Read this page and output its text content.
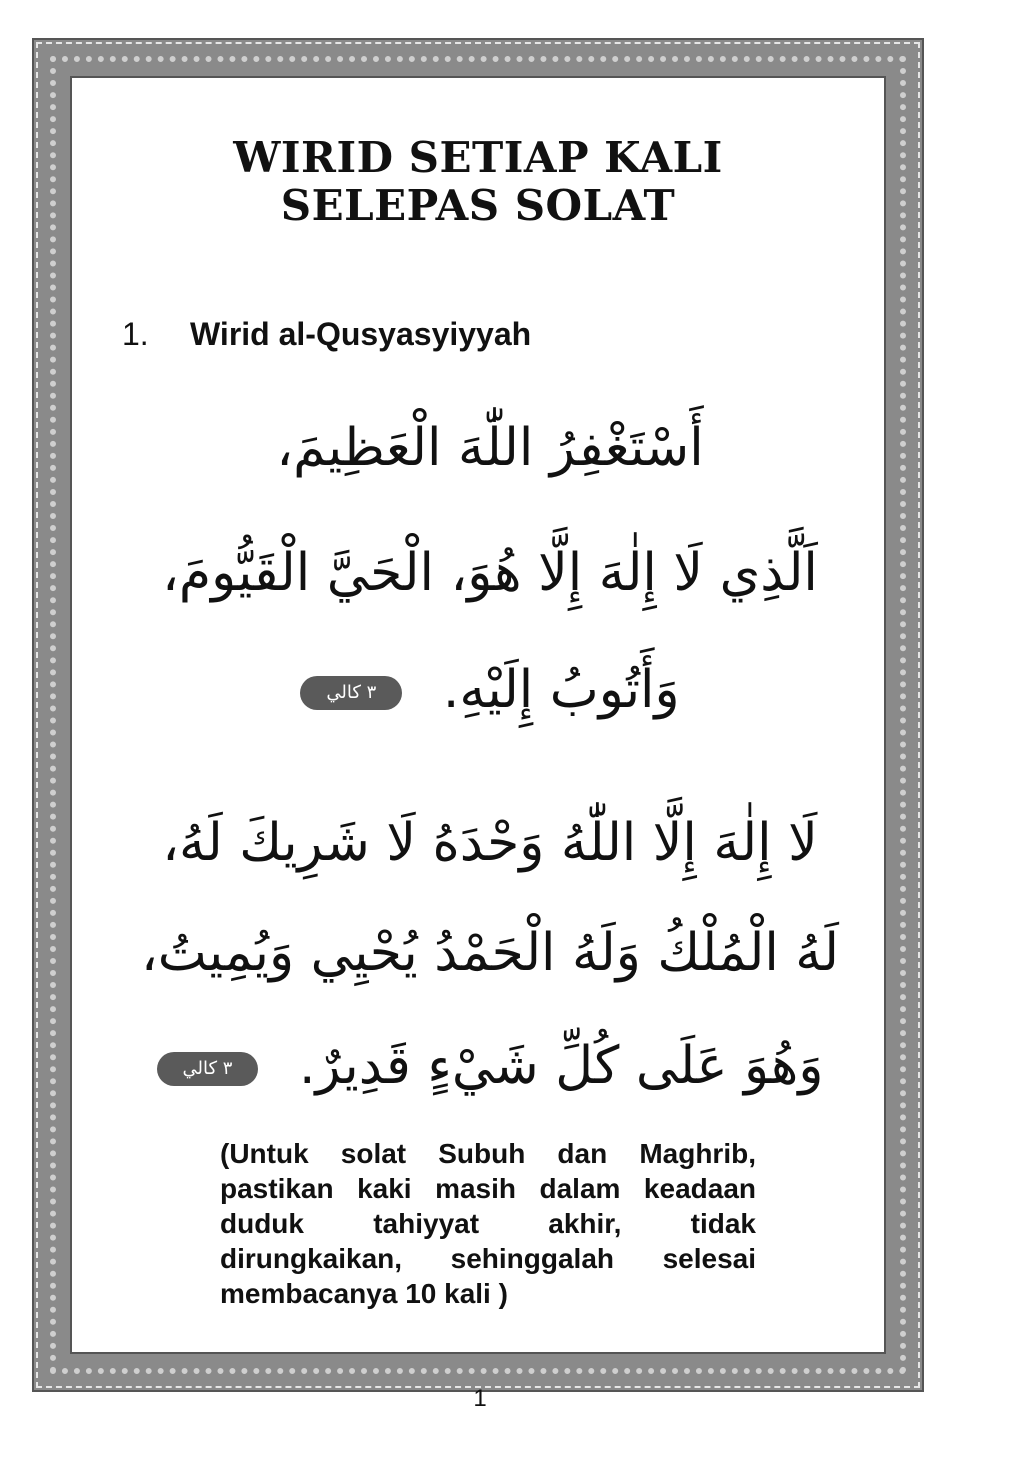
WIRID SETIAP KALI
SELEPAS SOLAT
1. Wirid al-Qusyasyiyyah
أَسْتَغْفِرُ اللّٰهَ الْعَظِيمَ،
اَلَّذِي لَا إِلٰهَ إِلَّا هُوَ، الْحَيَّ الْقَيُّومَ،
وَأَتُوبُ إِلَيْهِ. ٣ كالي
لَا إِلٰهَ إِلَّا اللّٰهُ وَحْدَهُ لَا شَرِيكَ لَهُ،
لَهُ الْمُلْكُ وَلَهُ الْحَمْدُ يُحْيِي وَيُمِيتُ،
وَهُوَ عَلَى كُلِّ شَيْءٍ قَدِيرٌ. ٣ كالي
(Untuk solat Subuh dan Maghrib, pastikan kaki masih dalam keadaan duduk tahiyyat akhir, tidak dirungkaikan, sehinggalah selesai membacanya 10 kali )
1
